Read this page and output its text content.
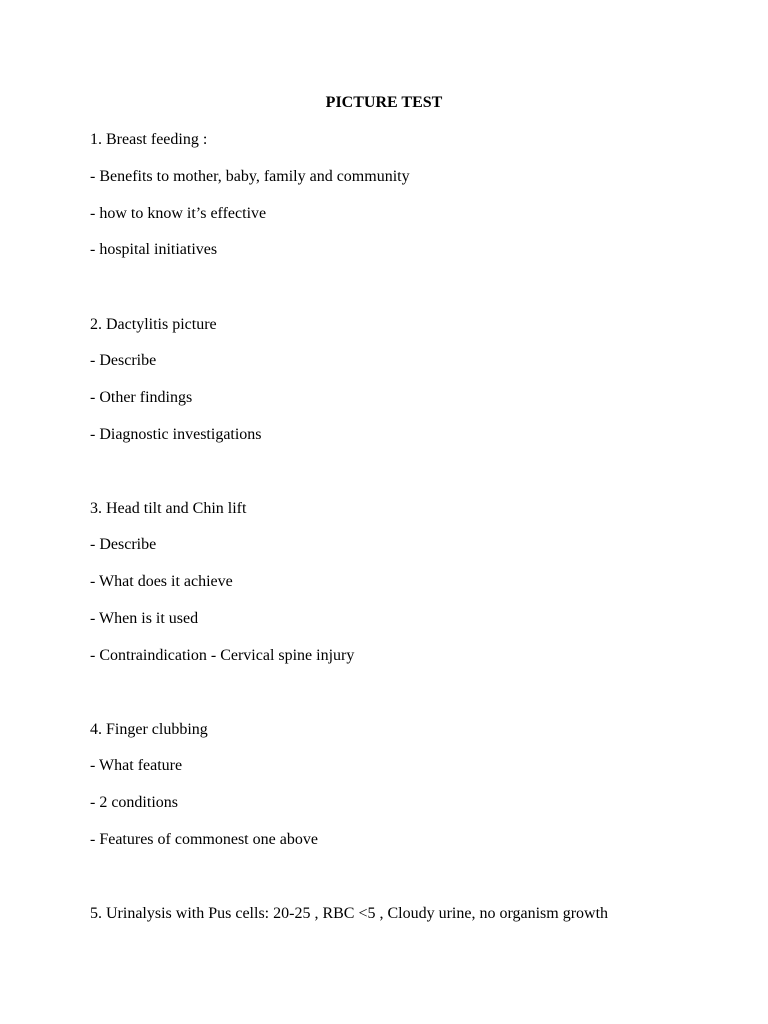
PICTURE TEST

1. Breast feeding :

- Benefits to mother, baby, family and community

- how to know it’s effective

- hospital initiatives

2. Dactylitis picture

- Describe

- Other findings

- Diagnostic investigations

3. Head tilt and Chin lift

- Describe

- What does it achieve

- When is it used

- Contraindication - Cervical spine injury

4. Finger clubbing

- What feature

- 2 conditions

- Features of commonest one above

5. Urinalysis with Pus cells: 20-25 , RBC <5 , Cloudy urine, no organism growth
